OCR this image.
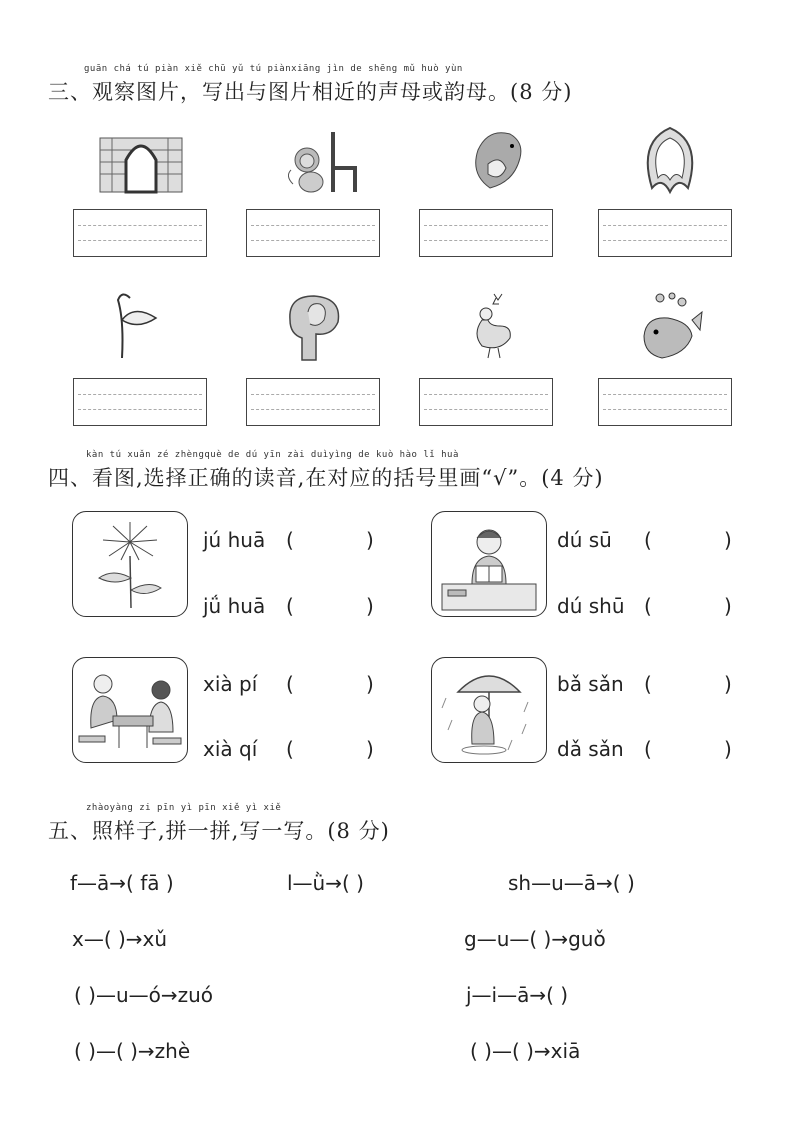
guān chá tú piàn xiě chū yǔ tú piànxiāng jìn de shēng mǔ huò yùn
三、观察图片，写出与图片相近的声母或韵母。(8 分)
kàn tú xuǎn zé zhèngquè de dú yīn zài duìyìng de kuò hào lǐ huà
四、看图,选择正确的读音,在对应的括号里画“√”。(4 分)
jú huā (	)
jǘ huā (	)
dú sū (	)
dú shū (	)
xià pí (	)
xià qí (	)
bǎ sǎn (	)
dǎ sǎn (	)
zhàoyàng zi pīn yì pīn xiě yì xiě
五、照样子,拼一拼,写一写。(8 分)
f—ā→( fā )	l—ǜ→( )	sh—u—ā→( )
x—( )→xǔ	g—u—( )→guǒ
( )—u—ó→zuó	j—i—ā→( )
( )—( )→zhè	( )—( )→xiā
